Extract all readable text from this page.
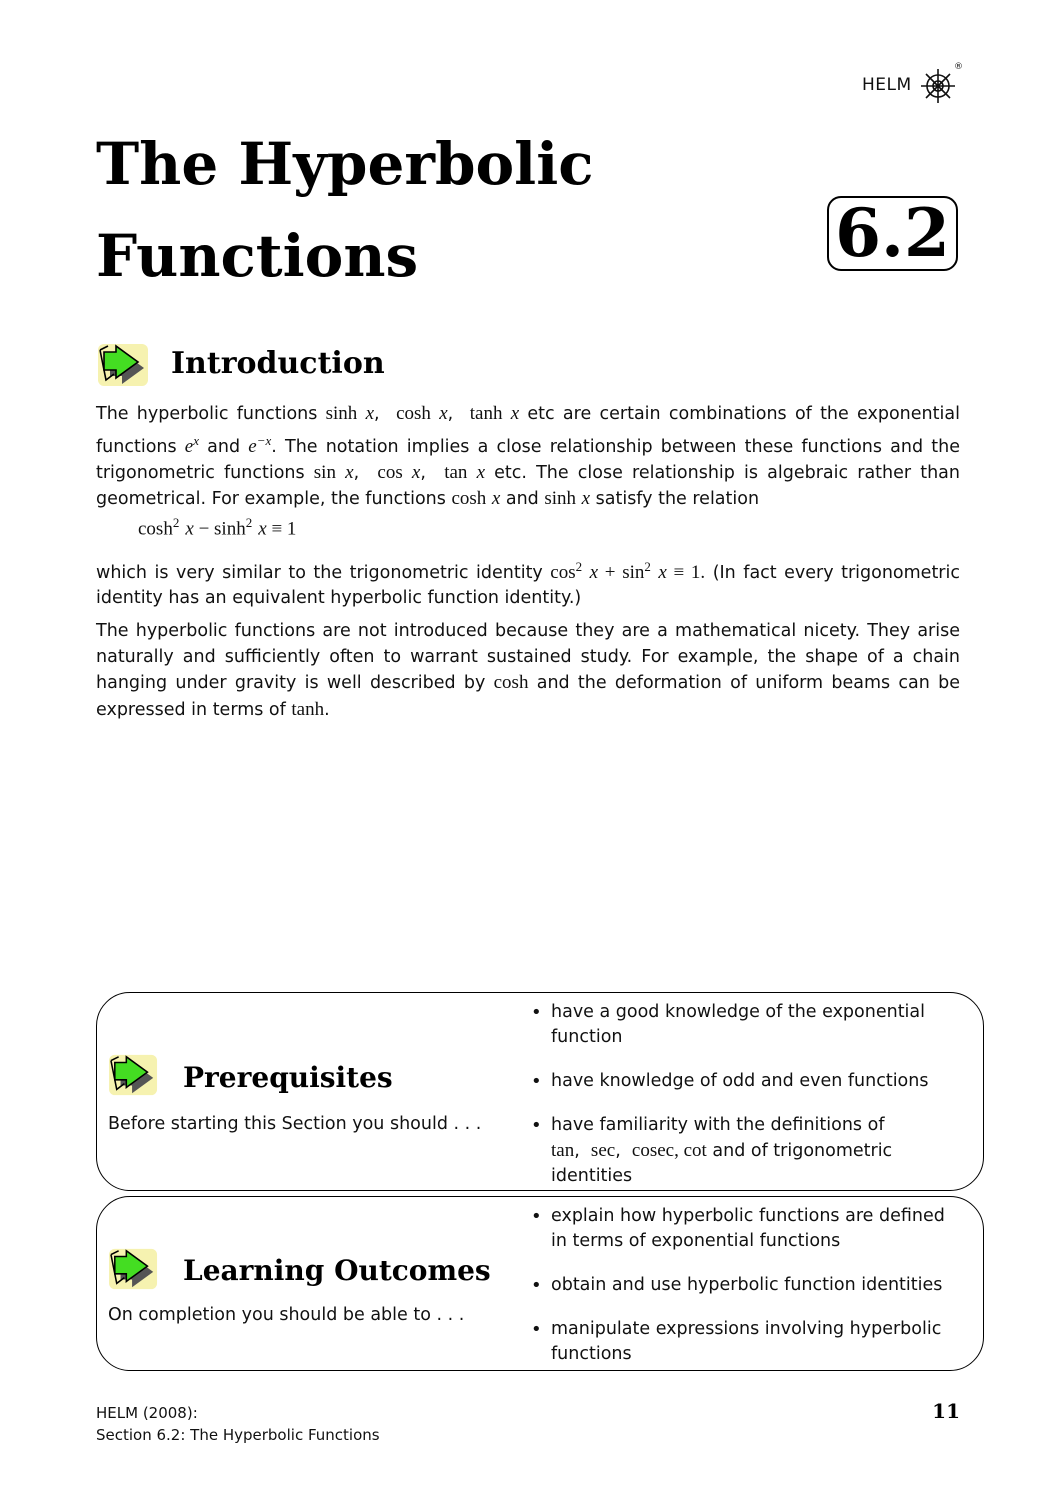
HELM
®
The Hyperbolic
Functions	6.2
Introduction
The hyperbolic functions sinh x,  cosh x,  tanh x etc are certain combinations of the exponential functions $e^x$ and $e^{-x}$. The notation implies a close relationship between these functions and the trigonometric functions sin x,  cos x,  tan x etc. The close relationship is algebraic rather than geometrical. For example, the functions cosh x and sinh x satisfy the relation
$\cosh^2 x - \sinh^2 x \equiv 1$
which is very similar to the trigonometric identity $\cos^2 x + \sin^2 x \equiv 1$. (In fact every trigonometric identity has an equivalent hyperbolic function identity.)
The hyperbolic functions are not introduced because they are a mathematical nicety. They arise naturally and sufficiently often to warrant sustained study. For example, the shape of a chain hanging under gravity is well described by cosh and the deformation of uniform beams can be expressed in terms of tanh.
Prerequisites
Before starting this Section you should . . .
• have a good knowledge of the exponential function
• have knowledge of odd and even functions
• have familiarity with the definitions of
tan,  sec,  cosec, cot and of trigonometric identities
Learning Outcomes
On completion you should be able to . . .
• explain how hyperbolic functions are defined in terms of exponential functions
• obtain and use hyperbolic function identities
• manipulate expressions involving hyperbolic functions
HELM (2008):
Section 6.2: The Hyperbolic Functions
11
